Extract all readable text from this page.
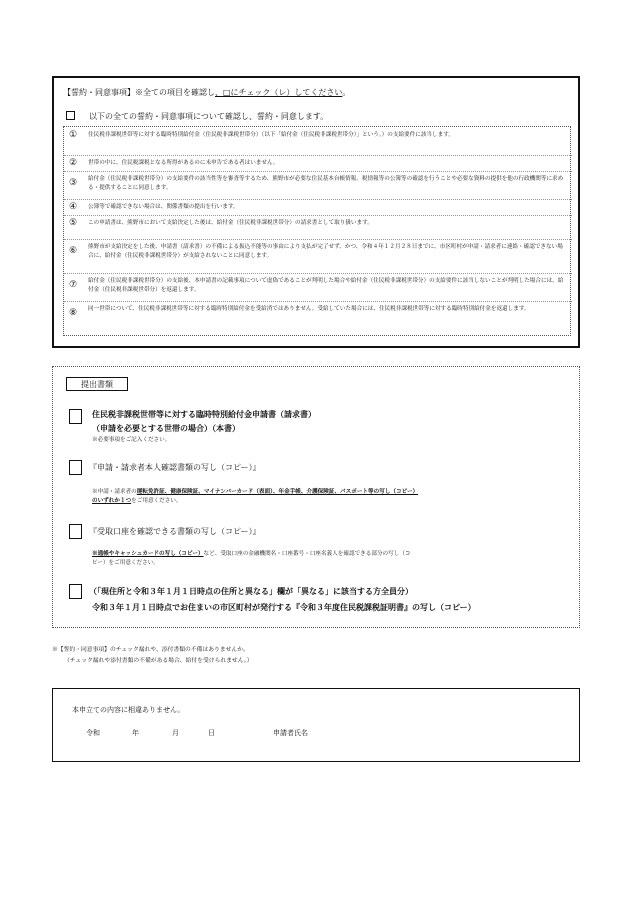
【誓約・同意事項】※全ての項目を確認し、□にチェック（レ）してください。
以下の全ての誓約・同意事項について確認し、誓約・同意します。
① 住民税非課税世帯等に対する臨時特別給付金（住民税非課税世帯分）（以下「給付金（住民税非課税世帯分）」という。）の支給要件に該当します。
② 世帯の中に、住民税課税となる所得があるのに未申告である者はいません。
③ 給付金（住民税非課税世帯分）の支給要件の該当性等を審査等するため、熊野市が必要な住民基本台帳情報、税情報等の公簿等の確認を行うことや必要な資料の提供を他の行政機関等に求める・提供することに同意します。
④ 公簿等で確認できない場合は、関係書類の提出を行います。
⑤ この申請書は、熊野市において支給決定した後は、給付金（住民税非課税世帯分）の請求書として取り扱います。
⑥ 熊野市が支給決定をした後、申請書（請求書）の不備による振込不能等の事由により支払が完了せず、かつ、令和４年１２月２８日までに、市区町村が申請・請求者に連絡・確認できない場合に、給付金（住民税非課税世帯分）が支給されないことに同意します。
⑦ 給付金（住民税非課税世帯分）の支給後、本申請書の記載事項について虚偽であることが判明した場合や給付金（住民税非課税世帯分）の支給要件に該当しないことが判明した場合には、給付金（住民税非課税世帯分）を返還します。
⑧ 同一世帯について、住民税非課税世帯等に対する臨時特別給付金を受給済ではありません。受給していた場合には、住民税非課税世帯等に対する臨時特別給付金を返還します。
提出書類
住民税非課税世帯等に対する臨時特別給付金申請書（請求書）
（申請を必要とする世帯の場合）（本書）
※必要事項をご記入ください。
『申請・請求者本人確認書類の写し（コピー）』
※申請・請求者の運転免許証、健康保険証、マイナンバーカード（表面）、年金手帳、介護保険証、パスポート等の写し（コピー）
のいずれか１つをご用意ください。
『受取口座を確認できる書類の写し（コピー）』
※通帳やキャッシュカードの写し（コピー）など、受取口座の金融機関名・口座番号・口座名義人を確認できる部分の写し（コ
ピー）をご用意ください。
（「現住所と令和３年１月１日時点の住所と異なる」欄が「異なる」に該当する方全員分）
令和３年１月１日時点でお住まいの市区町村が発行する『令和３年度住民税課税証明書』の写し（コピー）
※【誓約・同意事項】のチェック漏れや、添付書類の不備はありませんか。
（チェック漏れや添付書類の不備がある場合、給付を受けられません。）
本申立ての内容に相違ありません。
令和	年	月	日	申請者氏名
